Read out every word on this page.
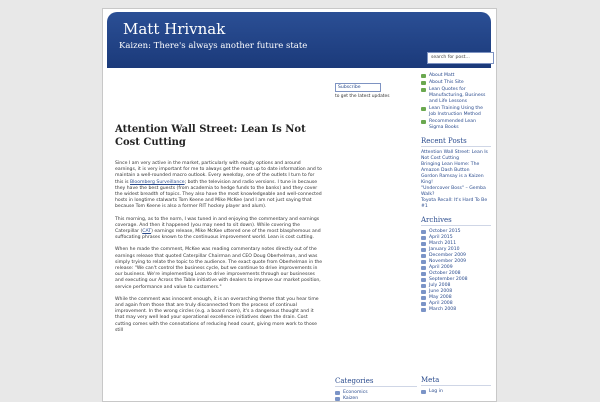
Matt Hrivnak
Kaizen: There's always another future state
search for post...
Attention Wall Street: Lean Is Not Cost Cutting

Since I am very active in the market, particularly with equity options and around earnings, it is very important for me to always get the most up to date information and to maintain a well-rounded macro outlook. Every weekday, one of the outlets I turn to for this is Bloomberg Surveillance; both the television and radio versions. I tune in because they have the best guests (from academia to hedge funds to the banks) and they cover the widest breadth of topics. They also have the most knowledgeable and well-connected hosts in longtime stalwarts Tom Keene and Mike McKee (and I am not just saying that because Tom Keene is also a former RIT hockey player and alum).

This morning, as to the norm, I was tuned in and enjoying the commentary and earnings coverage. And then it happened (you may need to sit down). While covering the Caterpillar (CAT) earnings release, Mike McKee uttered one of the most blasphemous and suffocating phrases known to the continuous improvement world. Lean is cost cutting.

When he made the comment, McKee was reading commentary notes directly out of the earnings release that quoted Caterpillar Chairman and CEO Doug Oberhelman, and was simply trying to relate the topic to the audience. The exact quote from Oberhelman in the release: "We can't control the business cycle, but we continue to drive improvements in our business. We're implementing Lean to drive improvements through our businesses and executing our Across the Table initiative with dealers to improve our market position, service performance and value to customers."

While the comment was innocent enough, it is an overarching theme that you hear time and again from those that are truly disconnected from the process of continual improvement. In the wrong circles (e.g. a board room), it's a dangerous thought and it that may very well lead your operational excellence initiatives down the drain. Cost cutting comes with the connotations of reducing head count, giving more work to those still

Subscribe
to get the latest updates
About Matt
About This Site
Lean Quotes for Manufacturing, Business and Life Lessons
Lean Training Using the Job Instruction Method
Recommended Lean Sigma Books
Recent Posts
Attention Wall Street: Lean Is Not Cost Cutting
Bringing Lean Home: The Amazon Dash Button
Gordon Ramsay is a Kaizen King!
"Undercover Boss" – Gemba Walk?
Toyota Recall: It's Hard To Be #1
Archives
October 2015
April 2015
March 2011
January 2010
December 2009
November 2009
April 2009
October 2008
September 2008
July 2008
June 2008
May 2008
April 2008
March 2008
Categories
Economics
Kaizen
Meta
Log in
